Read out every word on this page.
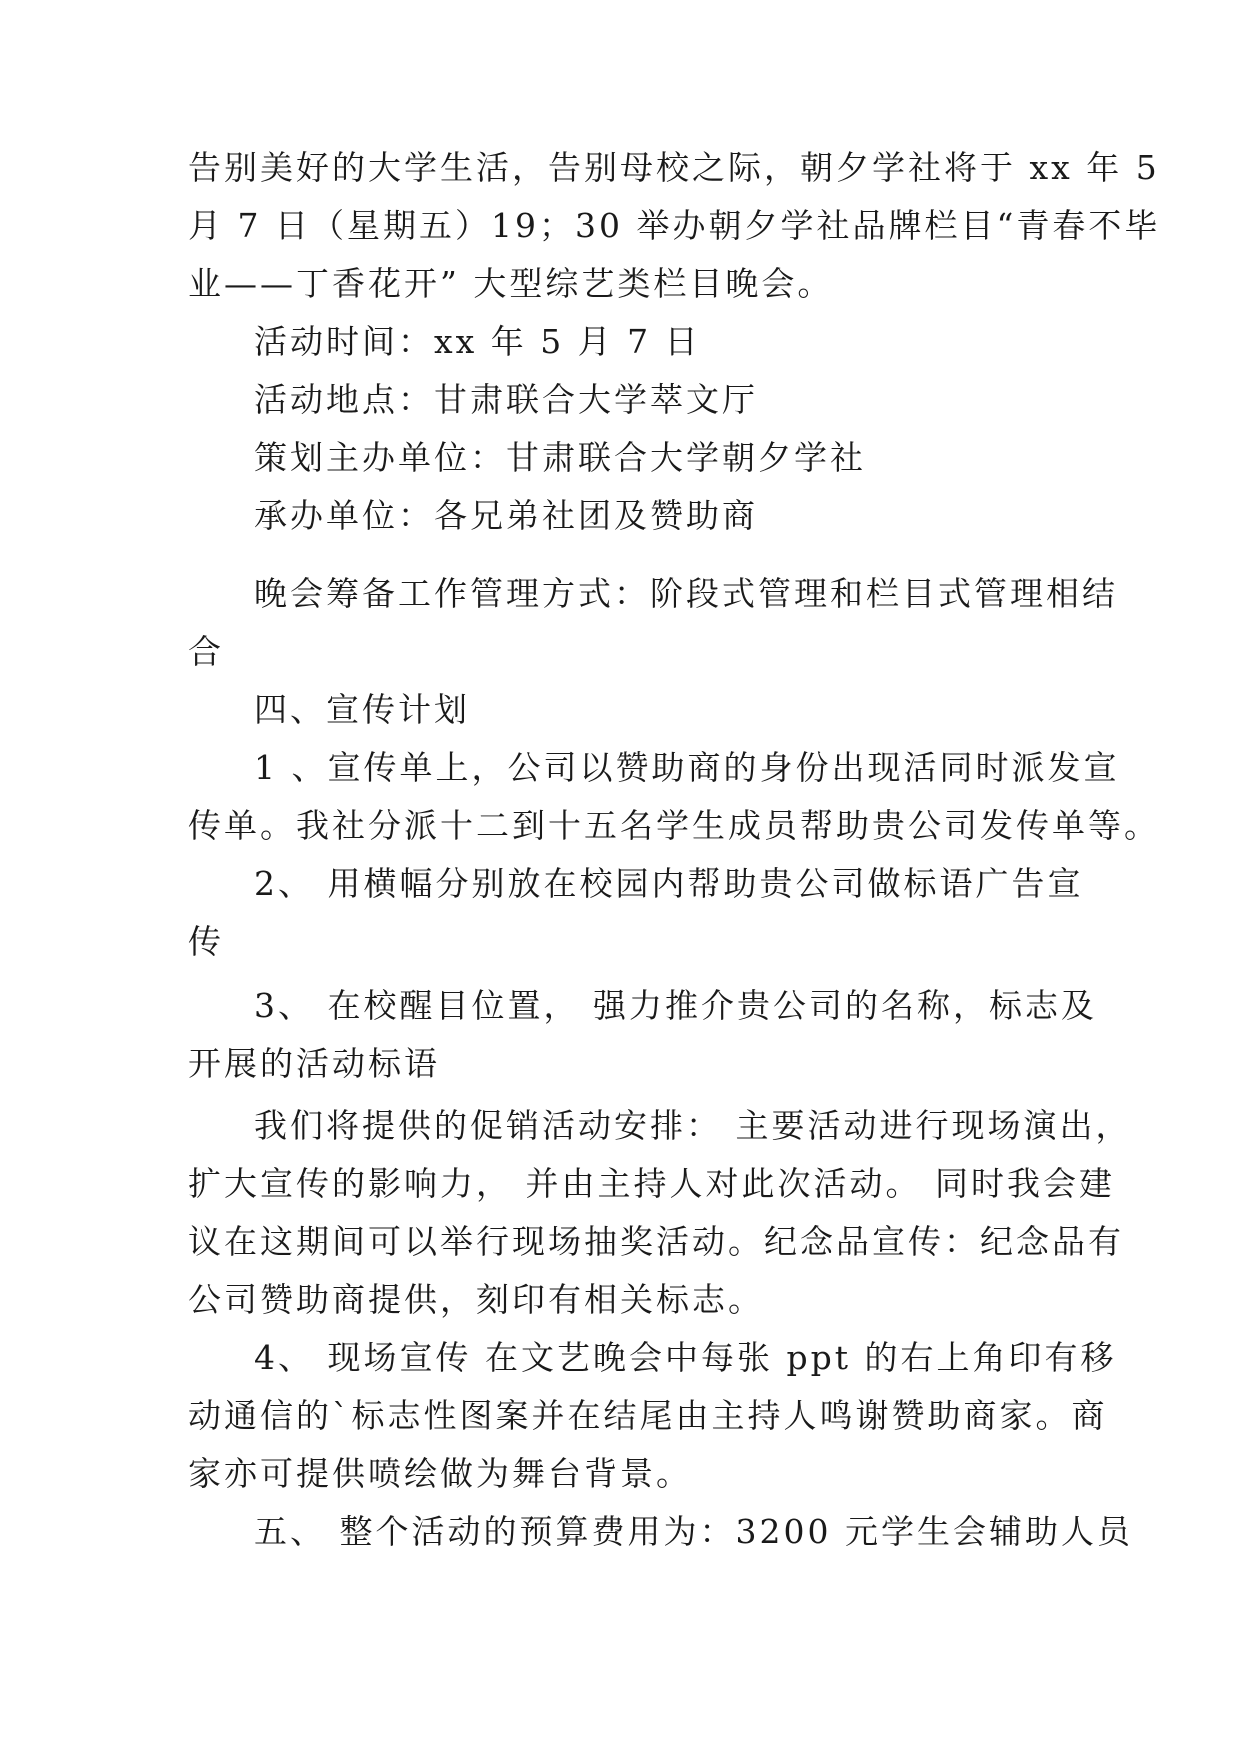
告别美好的大学生活，告别母校之际，朝夕学社将于 xx 年 5
月 7 日（星期五）19；30 举办朝夕学社品牌栏目“青春不毕
业——丁香花开” 大型综艺类栏目晚会。
活动时间：xx 年 5 月 7 日
活动地点：甘肃联合大学萃文厅
策划主办单位：甘肃联合大学朝夕学社
承办单位：各兄弟社团及赞助商
晚会筹备工作管理方式：阶段式管理和栏目式管理相结
合
四、宣传计划
1 、宣传单上，公司以赞助商的身份出现活同时派发宣
传单。我社分派十二到十五名学生成员帮助贵公司发传单等。
2、 用横幅分别放在校园内帮助贵公司做标语广告宣
传
3、 在校醒目位置， 强力推介贵公司的名称，标志及
开展的活动标语
我们将提供的促销活动安排： 主要活动进行现场演出，
扩大宣传的影响力， 并由主持人对此次活动。 同时我会建
议在这期间可以举行现场抽奖活动。纪念品宣传：纪念品有
公司赞助商提供，刻印有相关标志。
4、 现场宣传 在文艺晚会中每张 ppt 的右上角印有移
动通信的`标志性图案并在结尾由主持人鸣谢赞助商家。商
家亦可提供喷绘做为舞台背景。
五、 整个活动的预算费用为：3200 元学生会辅助人员
